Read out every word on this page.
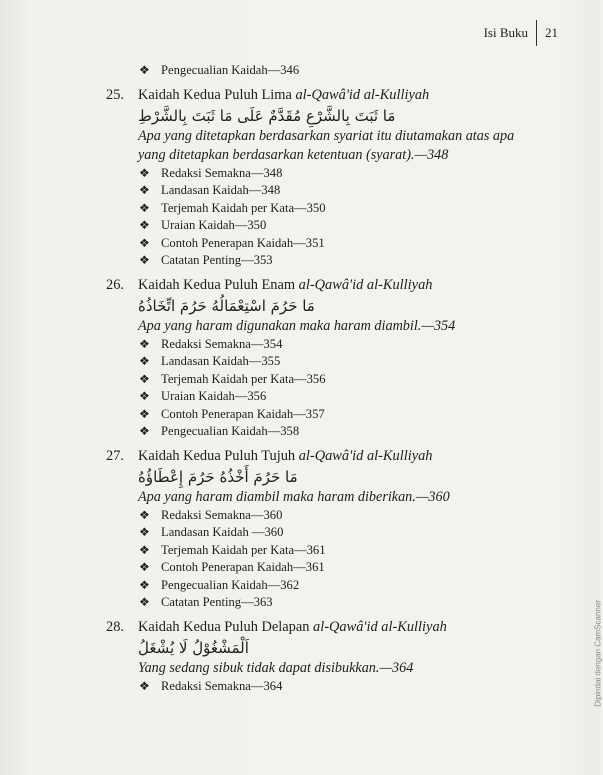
Isi Buku 21
❖ Pengecualian Kaidah—346
25. Kaidah Kedua Puluh Lima al-Qawâ'id al-Kulliyah
مَا ثَبَتَ بِالشَّرْعِ مُقَدَّمٌ عَلَى مَا ثَبَتَ بِالشَّرْطِ
Apa yang ditetapkan berdasarkan syariat itu diutamakan atas apa yang ditetapkan berdasarkan ketentuan (syarat).—348
❖ Redaksi Semakna—348
❖ Landasan Kaidah—348
❖ Terjemah Kaidah per Kata—350
❖ Uraian Kaidah—350
❖ Contoh Penerapan Kaidah—351
❖ Catatan Penting—353
26. Kaidah Kedua Puluh Enam al-Qawâ'id al-Kulliyah
مَا حَرُمَ اسْتِعْمَالُهُ حَرُمَ اتِّخَاذُهُ
Apa yang haram digunakan maka haram diambil.—354
❖ Redaksi Semakna—354
❖ Landasan Kaidah—355
❖ Terjemah Kaidah per Kata—356
❖ Uraian Kaidah—356
❖ Contoh Penerapan Kaidah—357
❖ Pengecualian Kaidah—358
27. Kaidah Kedua Puluh Tujuh al-Qawâ'id al-Kulliyah
مَا حَرُمَ أَخْذُهُ حَرُمَ إِعْطَاؤُهُ
Apa yang haram diambil maka haram diberikan.—360
❖ Redaksi Semakna—360
❖ Landasan Kaidah —360
❖ Terjemah Kaidah per Kata—361
❖ Contoh Penerapan Kaidah—361
❖ Pengecualian Kaidah—362
❖ Catatan Penting—363
28. Kaidah Kedua Puluh Delapan al-Qawâ'id al-Kulliyah
اَلْمَشْغُوْلُ لَا يُشْغَلُ
Yang sedang sibuk tidak dapat disibukkan.—364
❖ Redaksi Semakna—364	Dipindai dengan CamScanner
